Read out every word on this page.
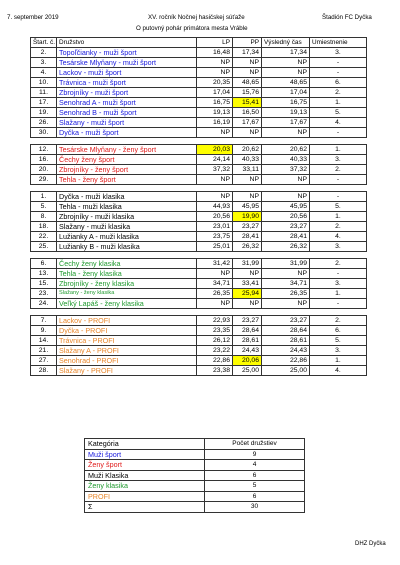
7. september 2019	XV. ročník Nočnej hasičskej súťaže	Štadión FC Dyčka
O putovný pohár primátora mesta Vráble
Štart. č.	Družstvo	LP	PP	Výsledný čas	Umiestnenie
2.	Topoľčianky - muži šport	16,48	17,34	17,34	3.
3.	Tesárske Mlyňany - muži šport	NP	NP	NP	-
4.	Lackov - muži šport	NP	NP	NP	-
10.	Trávnica - muži šport	20,35	48,65	48,65	6.
11.	Zbrojníky - muži šport	17,04	15,76	17,04	2.
17.	Senohrad A - muži šport	16,75	15,41	16,75	1.
19.	Senohrad B - muži šport	19,13	16,50	19,13	5.
26.	Slažany - muži šport	16,19	17,67	17,67	4.
30.	Dyčka - muži šport	NP	NP	NP	-

12.	Tesárske Mlyňany - ženy šport	20,03	20,62	20,62	1.
16.	Čechy ženy šport	24,14	40,33	40,33	3.
20.	Zbrojníky - ženy šport	37,32	33,11	37,32	2.
29.	Tehla - ženy šport	NP	NP	NP	-

1.	Dyčka - muži klasika	NP	NP	NP	-
5.	Tehla - muži klasika	44,93	45,95	45,95	5.
8.	Zbrojníky - muži klasika	20,56	19,90	20,56	1.
18.	Slažany - muži klasika	23,01	23,27	23,27	2.
22.	Lužianky A - muži klasika	23,75	28,41	28,41	4.
25.	Lužianky B - muži klasika	25,01	26,32	26,32	3.

6.	Čechy ženy klasika	31,42	31,99	31,99	2.
13.	Tehla - ženy klasika	NP	NP	NP	-
15.	Zbrojníky - ženy klasika	34,71	33,41	34,71	3.
23.	Slažany - ženy klasika	26,35	25,94	26,35	1.
24.	Veľký Lapáš - ženy klasika	NP	NP	NP	-

7.	Lackov - PROFI	22,93	23,27	23,27	2.
9.	Dyčka - PROFI	23,35	28,64	28,64	6.
14.	Trávnica - PROFI	26,12	28,61	28,61	5.
21.	Slažany A - PROFI	23,22	24,43	24,43	3.
27.	Senohrad - PROFI	22,86	20,06	22,86	1.
28.	Slažany - PROFI	23,38	25,00	25,00	4.
Kategória	Počet družstiev
Muži šport	9
Ženy šport	4
Muži Klasika	6
Ženy klasika	5
PROFI	6
Σ	30
DHZ Dyčka
